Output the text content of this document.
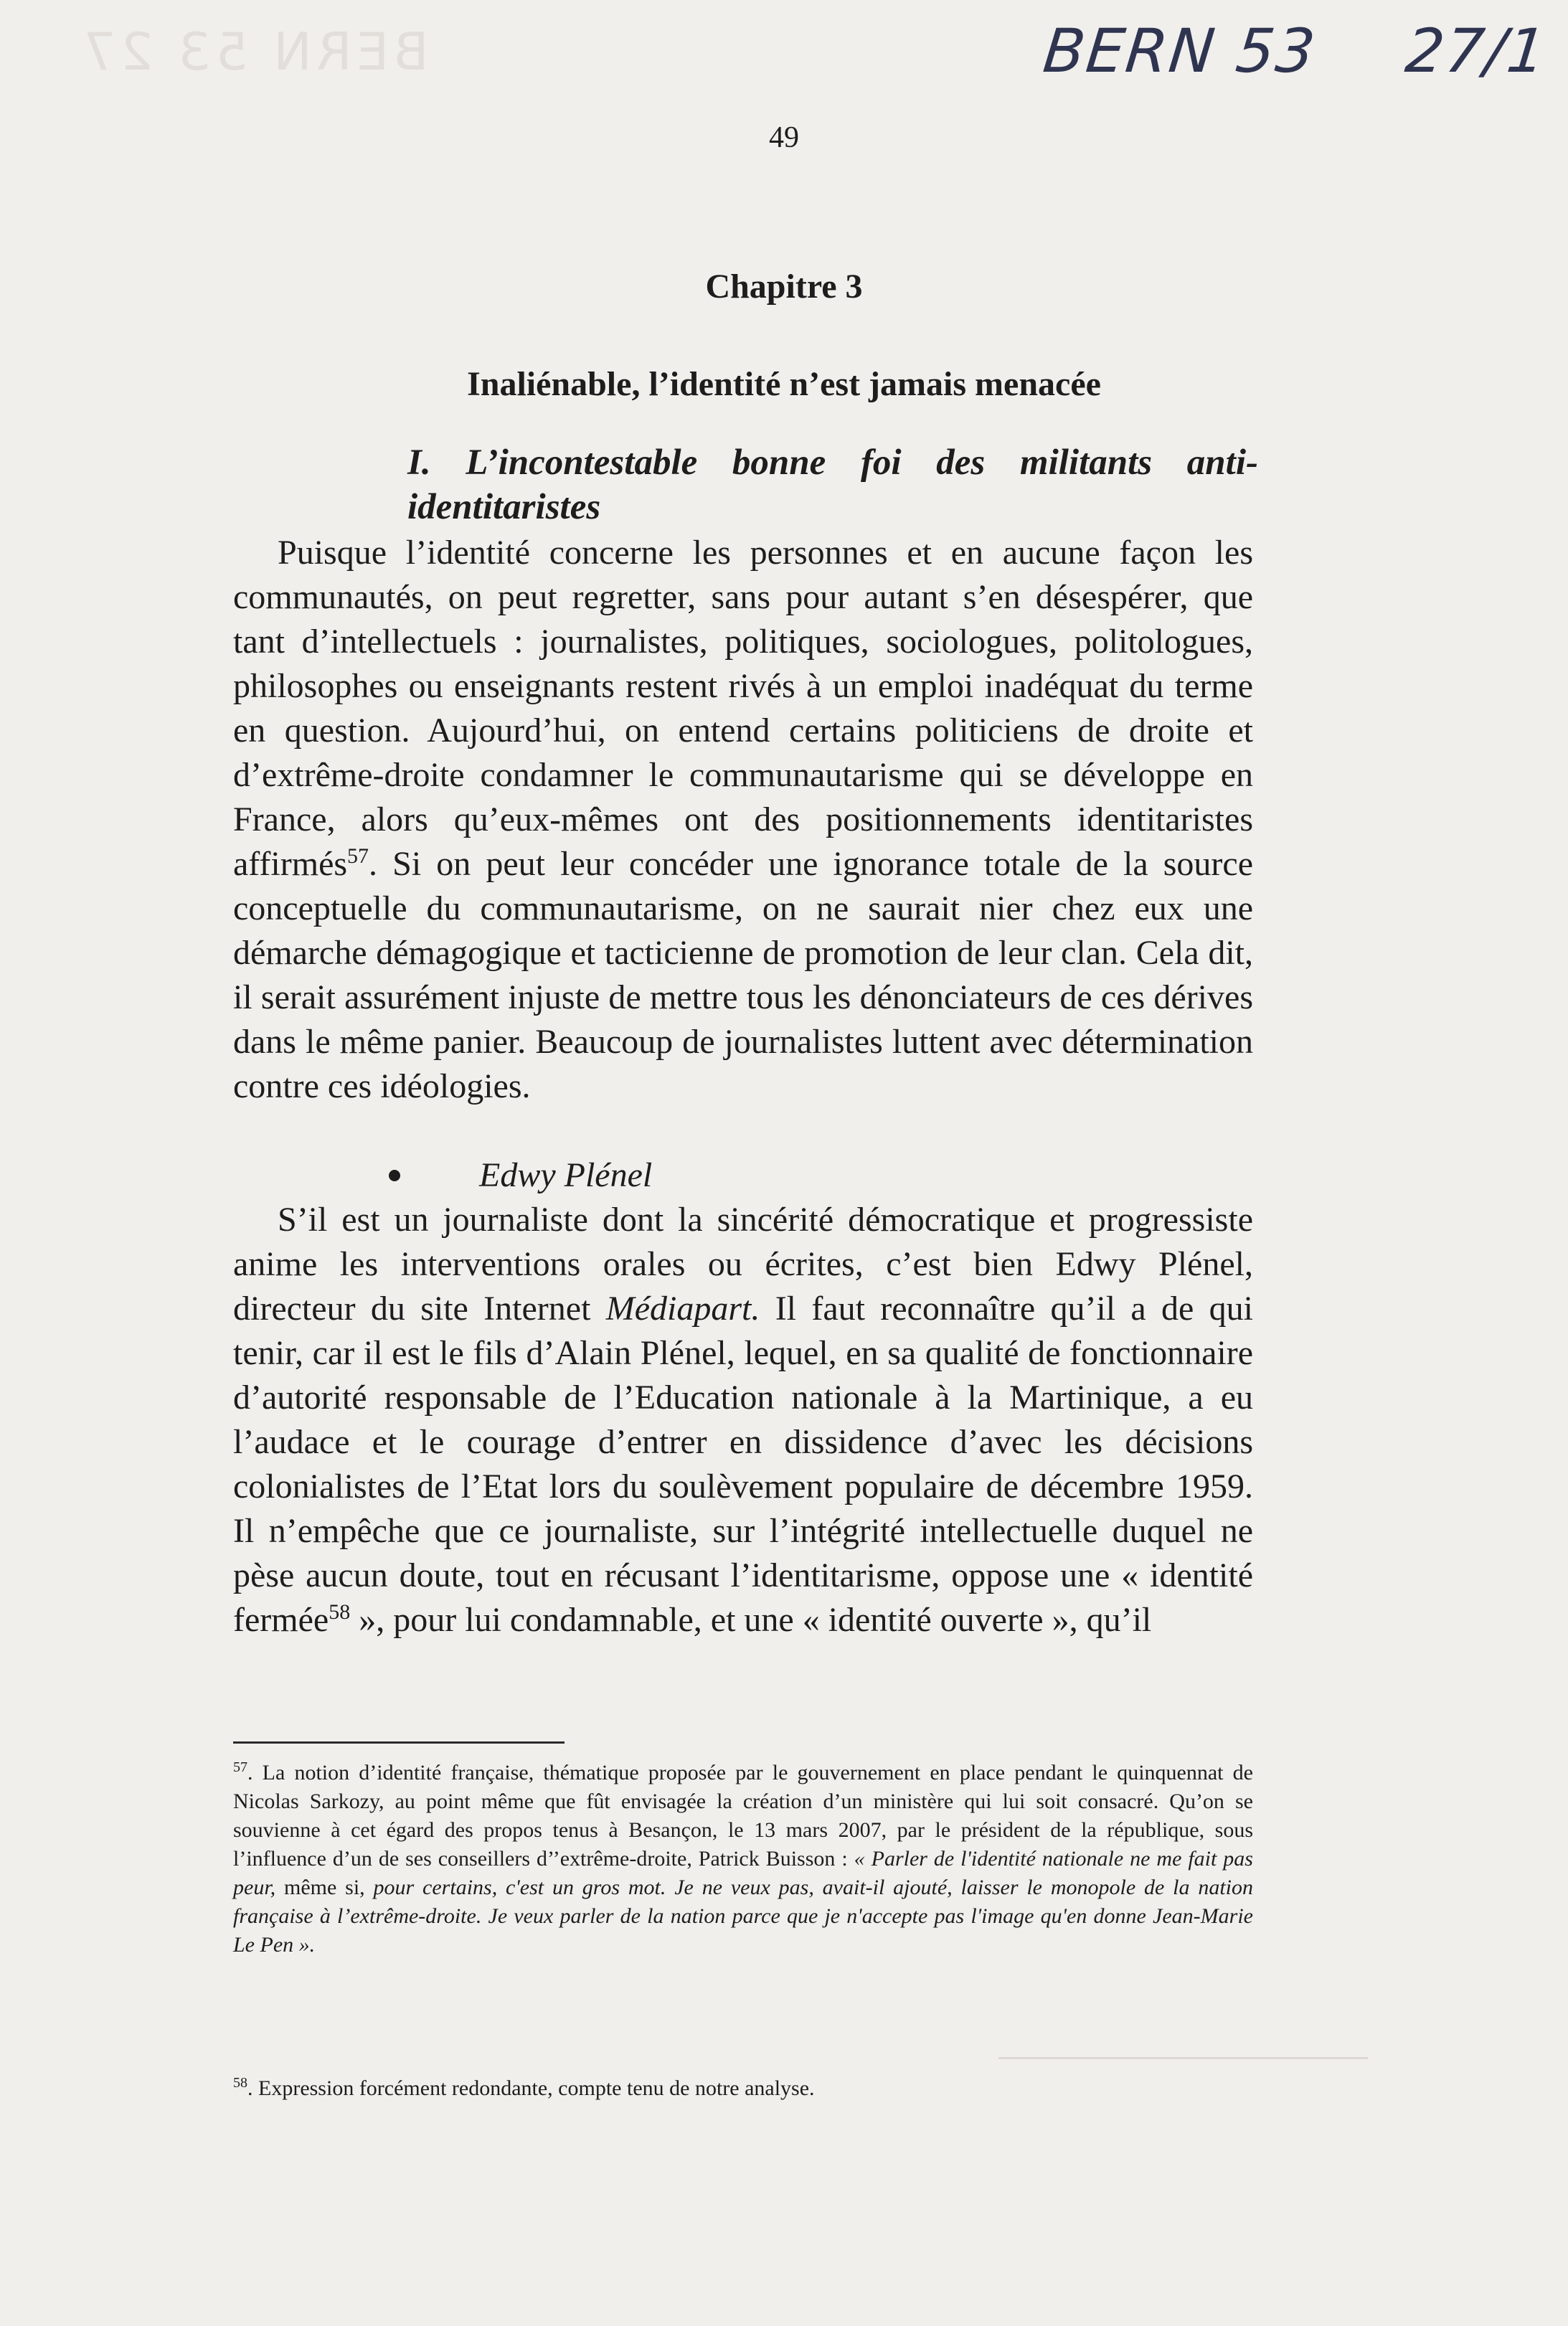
BERN 53 27	BERN 53 27/1
49
Chapitre 3
Inaliénable, l’identité n’est jamais menacée
I. L’incontestable bonne foi des militants anti-
identitaristes

Puisque l’identité concerne les personnes et en aucune façon les communautés, on peut regretter, sans pour autant s’en désespérer, que tant d’intellectuels : journalistes, politiques, sociologues, politologues, philosophes ou enseignants restent rivés à un emploi inadéquat du terme en question. Aujourd’hui, on entend certains politiciens de droite et d’extrême-droite condamner le communautarisme qui se développe en France, alors qu’eux-mêmes ont des positionnements identitaristes affirmés$^{57}$. Si on peut leur concéder une ignorance totale de la source conceptuelle du communautarisme, on ne saurait nier chez eux une démarche démagogique et tacticienne de promotion de leur clan. Cela dit, il serait assurément injuste de mettre tous les dénonciateurs de ces dérives dans le même panier. Beaucoup de journalistes luttent avec détermination contre ces idéologies.

Edwy Plénel

S’il est un journaliste dont la sincérité démocratique et progressiste anime les interventions orales ou écrites, c’est bien Edwy Plénel, directeur du site Internet Médiapart. Il faut reconnaître qu’il a de qui tenir, car il est le fils d’Alain Plénel, lequel, en sa qualité de fonctionnaire d’autorité responsable de l’Education nationale à la Martinique, a eu l’audace et le courage d’entrer en dissidence d’avec les décisions colonialistes de l’Etat lors du soulèvement populaire de décembre 1959. Il n’empêche que ce journaliste, sur l’intégrité intellectuelle duquel ne pèse aucun doute, tout en récusant l’identitarisme, oppose une « identité fermée$^{58}$ », pour lui condamnable, et une « identité ouverte », qu’il

$^{57}$. La notion d’identité française, thématique proposée par le gouvernement en place pendant le quinquennat de Nicolas Sarkozy, au point même que fût envisagée la création d’un ministère qui lui soit consacré. Qu’on se souvienne à cet égard des propos tenus à Besançon, le 13 mars 2007, par le président de la république, sous l’influence d’un de ses conseillers d’’extrême-droite, Patrick Buisson : « Parler de l'identité nationale ne me fait pas peur, même si, pour certains, c'est un gros mot. Je ne veux pas, avait-il ajouté, laisser le monopole de la nation française à l’extrême-droite. Je veux parler de la nation parce que je n'accepte pas l'image qu'en donne Jean-Marie Le Pen ».

$^{58}$. Expression forcément redondante, compte tenu de notre analyse.
